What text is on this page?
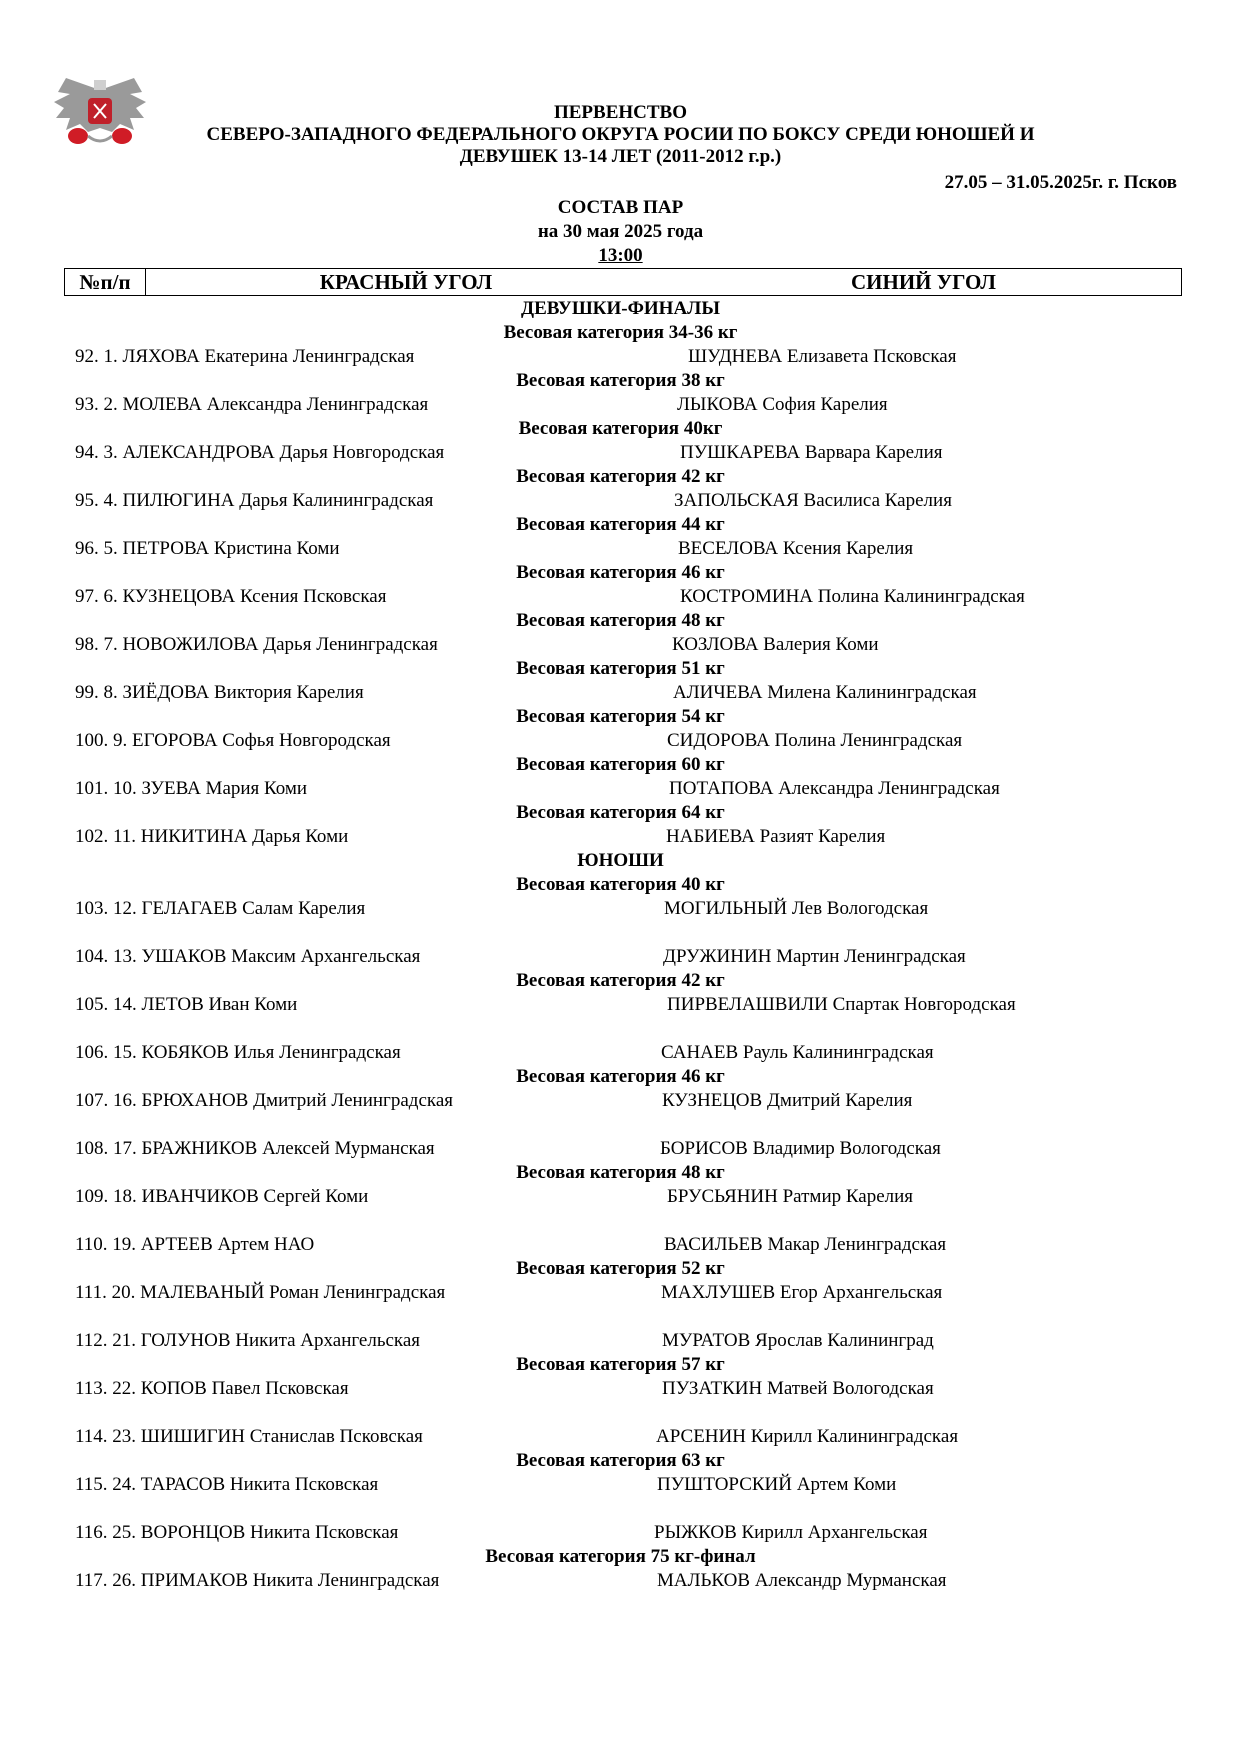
ПЕРВЕНСТВО
СЕВЕРО-ЗАПАДНОГО ФЕДЕРАЛЬНОГО ОКРУГА РОСИИ ПО БОКСУ СРЕДИ ЮНОШЕЙ И
ДЕВУШЕК 13-14 ЛЕТ (2011-2012 г.р.)
27.05 – 31.05.2025г. г. Псков
СОСТАВ ПАР
на 30 мая 2025 года
13:00
№п/п	КРАСНЫЙ УГОЛ	СИНИЙ УГОЛ
ДЕВУШКИ-ФИНАЛЫ
Весовая категория 34-36 кг
92. 1. ЛЯХОВА Екатерина Ленинградская	ШУДНЕВА Елизавета Псковская
Весовая категория 38 кг
93. 2. МОЛЕВА Александра Ленинградская	ЛЫКОВА София Карелия
Весовая категория 40кг
94. 3. АЛЕКСАНДРОВА Дарья Новгородская	ПУШКАРЕВА Варвара Карелия
Весовая категория 42 кг
95. 4. ПИЛЮГИНА Дарья Калининградская	ЗАПОЛЬСКАЯ Василиса Карелия
Весовая категория 44 кг
96. 5. ПЕТРОВА Кристина Коми	ВЕСЕЛОВА Ксения Карелия
Весовая категория 46 кг
97. 6. КУЗНЕЦОВА Ксения Псковская	КОСТРОМИНА Полина Калининградская
Весовая категория 48 кг
98. 7. НОВОЖИЛОВА Дарья Ленинградская	КОЗЛОВА Валерия Коми
Весовая категория 51 кг
99. 8. ЗИЁДОВА Виктория Карелия	АЛИЧЕВА Милена Калининградская
Весовая категория 54 кг
100. 9. ЕГОРОВА Софья Новгородская	СИДОРОВА Полина Ленинградская
Весовая категория 60 кг
101. 10. ЗУЕВА Мария Коми	ПОТАПОВА Александра Ленинградская
Весовая категория 64 кг
102. 11. НИКИТИНА Дарья Коми	НАБИЕВА Разият Карелия
ЮНОШИ
Весовая категория 40 кг
103. 12. ГЕЛАГАЕВ Салам Карелия	МОГИЛЬНЫЙ Лев Вологодская
104. 13. УШАКОВ Максим Архангельская	ДРУЖИНИН Мартин Ленинградская
Весовая категория 42 кг
105. 14. ЛЕТОВ Иван Коми	ПИРВЕЛАШВИЛИ Спартак Новгородская
106. 15. КОБЯКОВ Илья Ленинградская	САНАЕВ Рауль Калининградская
Весовая категория 46 кг
107. 16. БРЮХАНОВ Дмитрий Ленинградская	КУЗНЕЦОВ Дмитрий Карелия
108. 17. БРАЖНИКОВ Алексей Мурманская	БОРИСОВ Владимир Вологодская
Весовая категория 48 кг
109. 18. ИВАНЧИКОВ Сергей Коми	БРУСЬЯНИН Ратмир Карелия
110. 19. АРТЕЕВ Артем НАО	ВАСИЛЬЕВ Макар Ленинградская
Весовая категория 52 кг
111. 20. МАЛЕВАНЫЙ Роман Ленинградская	МАХЛУШЕВ Егор Архангельская
112. 21. ГОЛУНОВ Никита Архангельская	МУРАТОВ Ярослав Калининград
Весовая категория 57 кг
113. 22. КОПОВ Павел Псковская	ПУЗАТКИН Матвей Вологодская
114. 23. ШИШИГИН Станислав Псковская	АРСЕНИН Кирилл Калининградская
Весовая категория 63 кг
115. 24. ТАРАСОВ Никита Псковская	ПУШТОРСКИЙ Артем Коми
116. 25. ВОРОНЦОВ Никита Псковская	РЫЖКОВ Кирилл Архангельская
Весовая категория 75 кг-финал
117. 26. ПРИМАКОВ Никита Ленинградская	МАЛЬКОВ Александр Мурманская
